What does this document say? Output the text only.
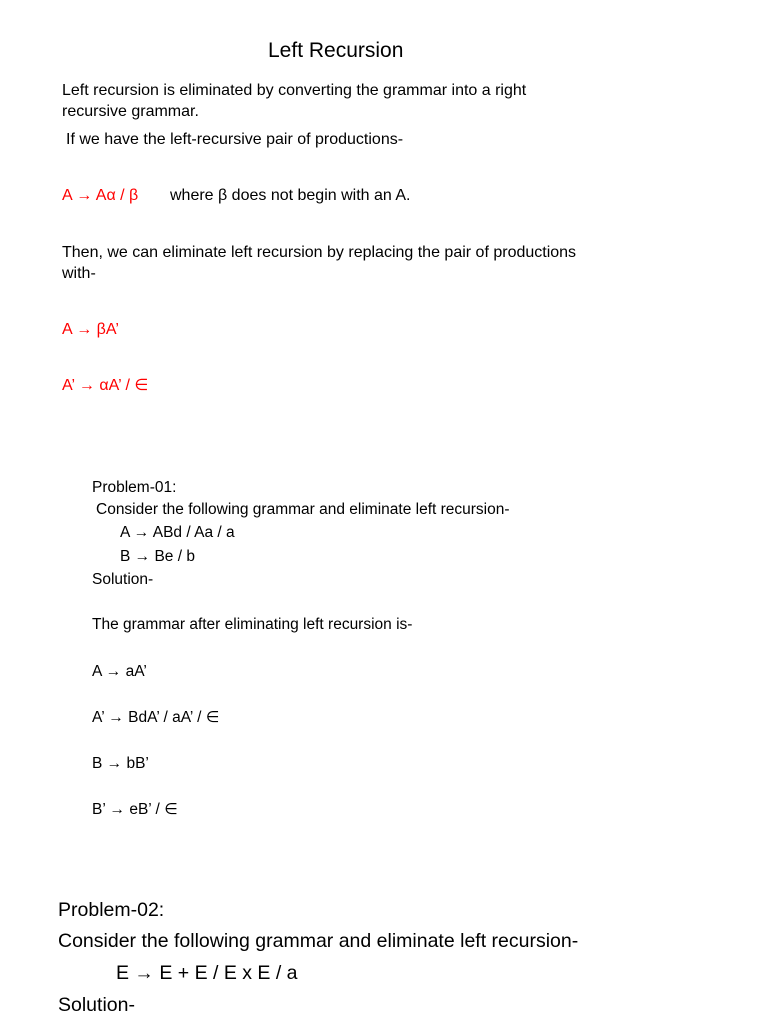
Left Recursion
Left recursion is eliminated by converting the grammar into a right
recursive grammar.
If we have the left-recursive pair of productions-
A → Aα / β where β does not begin with an A.
Then, we can eliminate left recursion by replacing the pair of productions
with-
A → βA’
A’ → αA’ / ∈
Problem-01:
Consider the following grammar and eliminate left recursion-
A → ABd / Aa / a
B → Be / b
Solution-
The grammar after eliminating left recursion is-
A → aA’
A’ → BdA’ / aA’ / ∈
B → bB’
B’ → eB’ / ∈
Problem-02:
Consider the following grammar and eliminate left recursion-
E → E + E / E x E / a
Solution-
